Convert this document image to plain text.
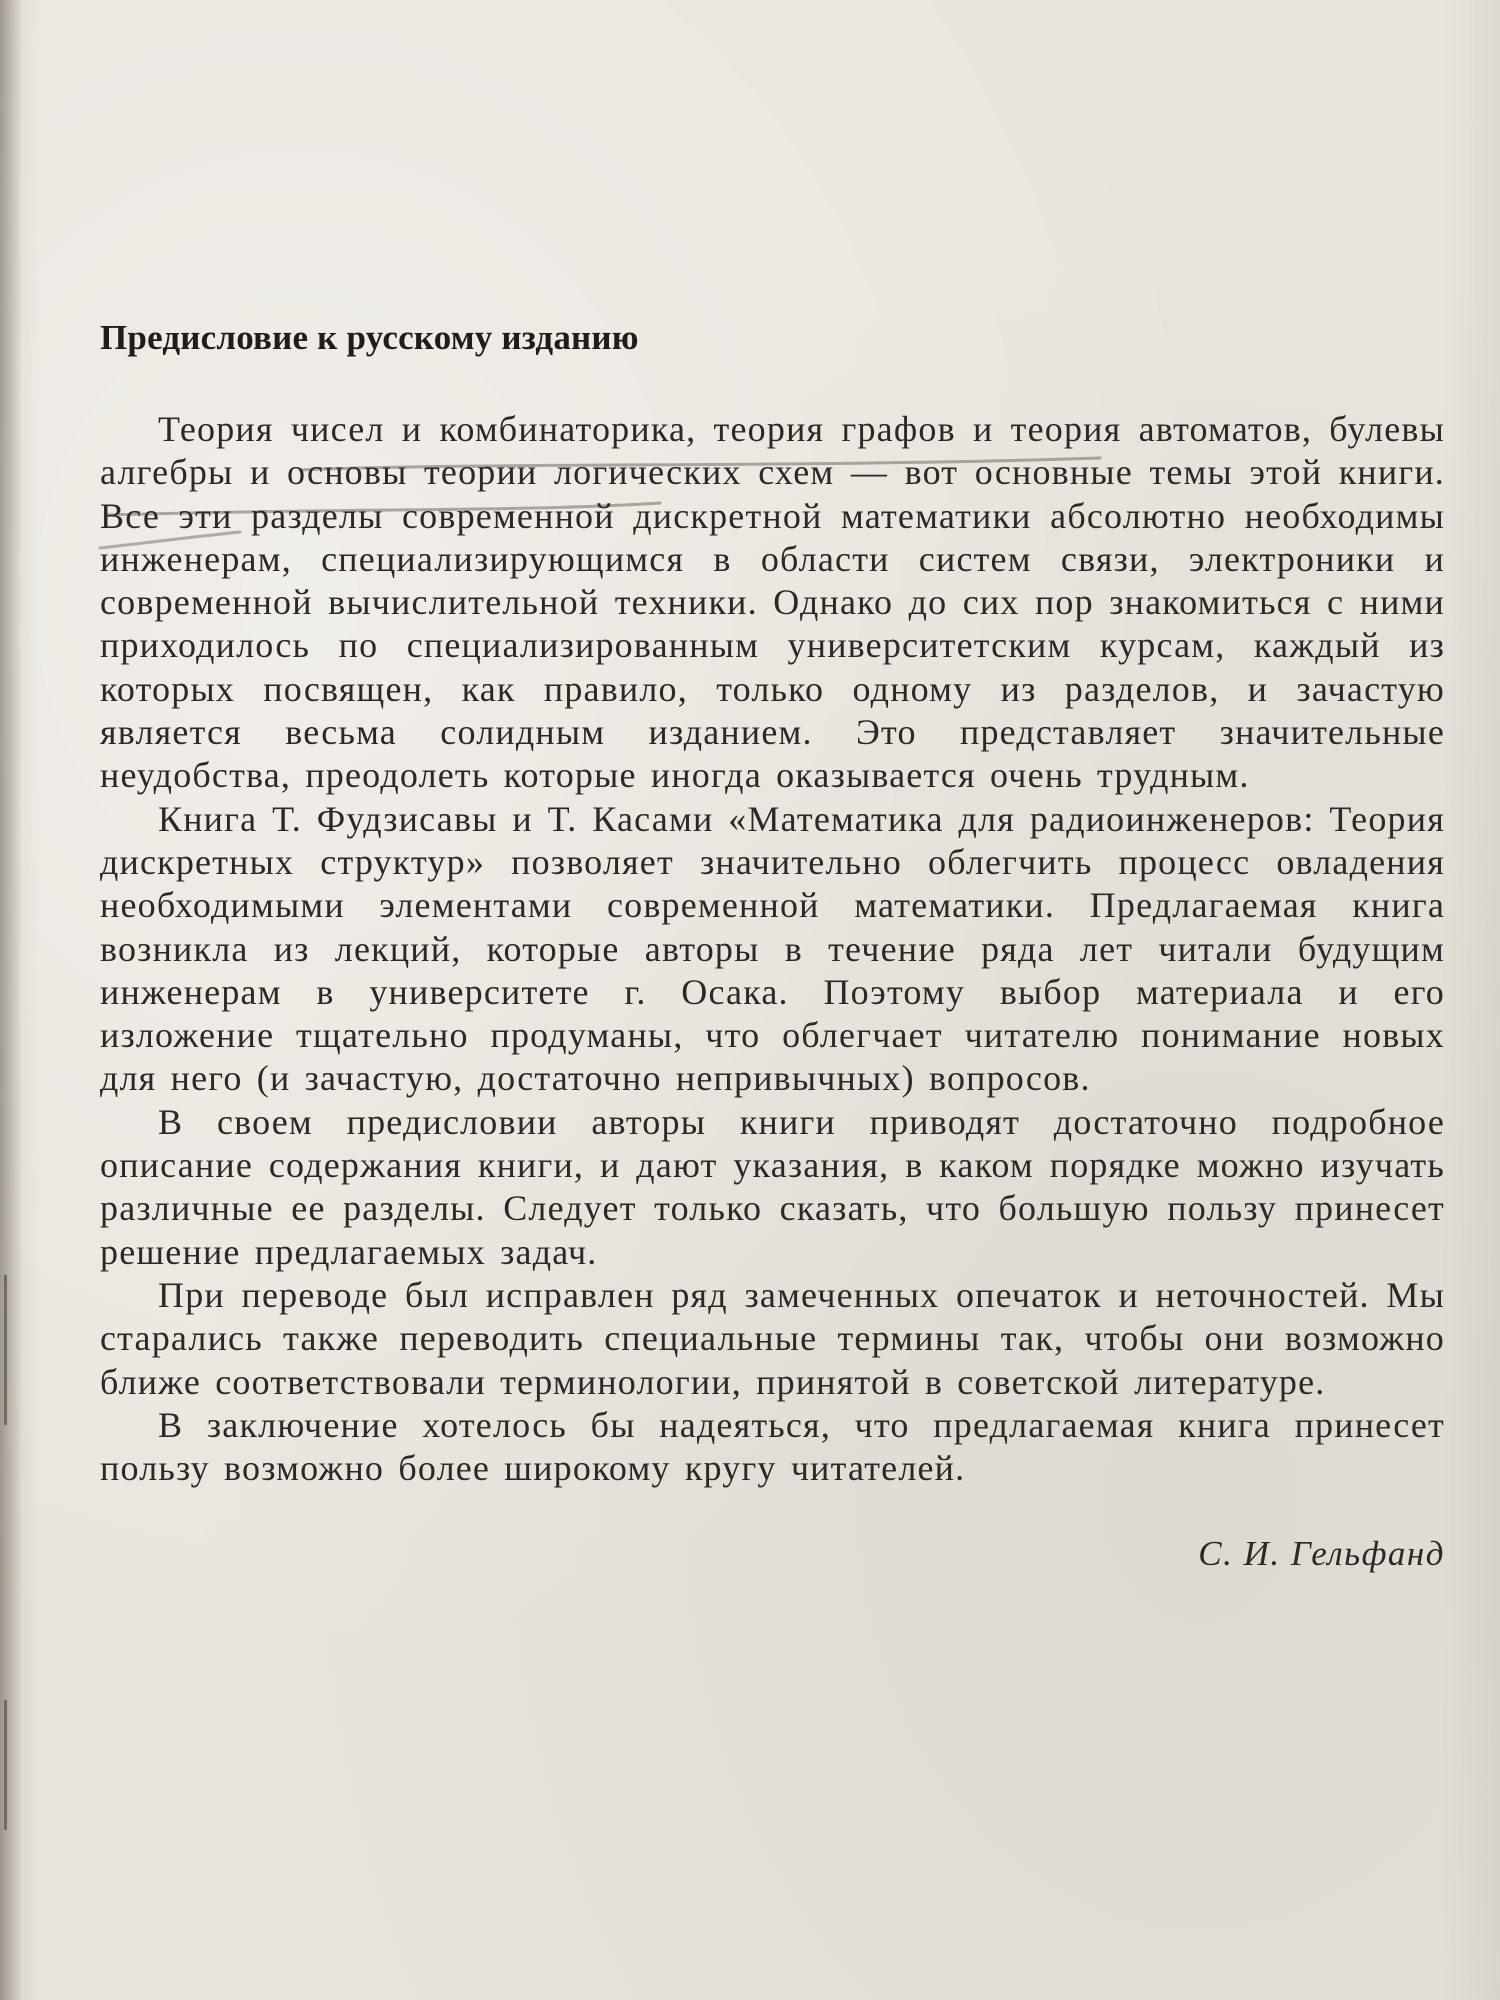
Предисловие к русскому изданию

Теория чисел и комбинаторика, теория графов и теория автоматов, булевы алгебры и основы теории логических схем — вот основные темы этой книги. Все эти разделы современной дискретной математики абсолютно необходимы инженерам, специализирующимся в области систем связи, электроники и современной вычислительной техники. Однако до сих пор знакомиться с ними приходилось по специализированным университетским курсам, каждый из которых посвящен, как правило, только одному из разделов, и зачастую является весьма солидным изданием. Это представляет значительные неудобства, преодолеть которые иногда оказывается очень трудным.

Книга Т. Фудзисавы и Т. Касами «Математика для радиоинженеров: Теория дискретных структур» позволяет значительно облегчить процесс овладения необходимыми элементами современной математики. Предлагаемая книга возникла из лекций, которые авторы в течение ряда лет читали будущим инженерам в университете г. Осака. Поэтому выбор материала и его изложение тщательно продуманы, что облегчает читателю понимание новых для него (и зачастую, достаточно непривычных) вопросов.

В своем предисловии авторы книги приводят достаточно подробное описание содержания книги, и дают указания, в каком порядке можно изучать различные ее разделы. Следует только сказать, что большую пользу принесет решение предлагаемых задач.

При переводе был исправлен ряд замеченных опечаток и неточностей. Мы старались также переводить специальные термины так, чтобы они возможно ближе соответствовали терминологии, принятой в советской литературе.

В заключение хотелось бы надеяться, что предлагаемая книга принесет пользу возможно более широкому кругу читателей.

С. И. Гельфанд
